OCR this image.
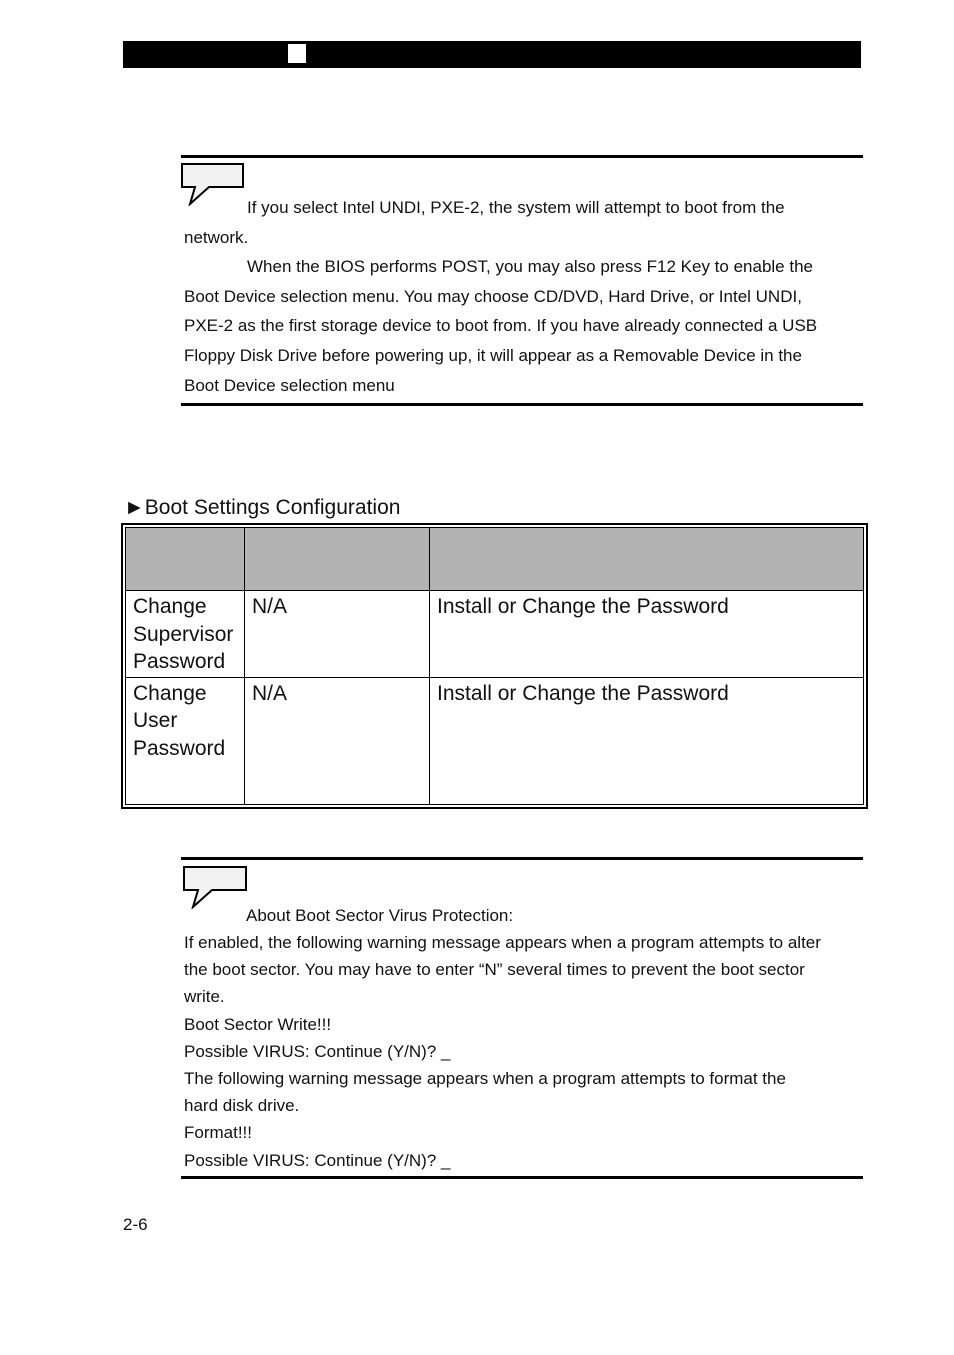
If you select Intel UNDI, PXE-2, the system will attempt to boot from the

network.

When the BIOS performs POST, you may also press F12 Key to enable the

Boot Device selection menu. You may choose CD/DVD, Hard Drive, or Intel UNDI,

PXE-2 as the first storage device to boot from. If you have already connected a USB

Floppy Disk Drive before powering up, it will appear as a Removable Device in the

Boot Device selection menu

►Boot Settings Configuration

Change Supervisor Password	N/A	Install or Change the Password
Change User Password	N/A	Install or Change the Password

About Boot Sector Virus Protection:

If enabled, the following warning message appears when a program attempts to alter

the boot sector. You may have to enter “N” several times to prevent the boot sector

write.

Boot Sector Write!!!

Possible VIRUS: Continue (Y/N)? _

The following warning message appears when a program attempts to format the

hard disk drive.

Format!!!

Possible VIRUS: Continue (Y/N)? _

2-6
